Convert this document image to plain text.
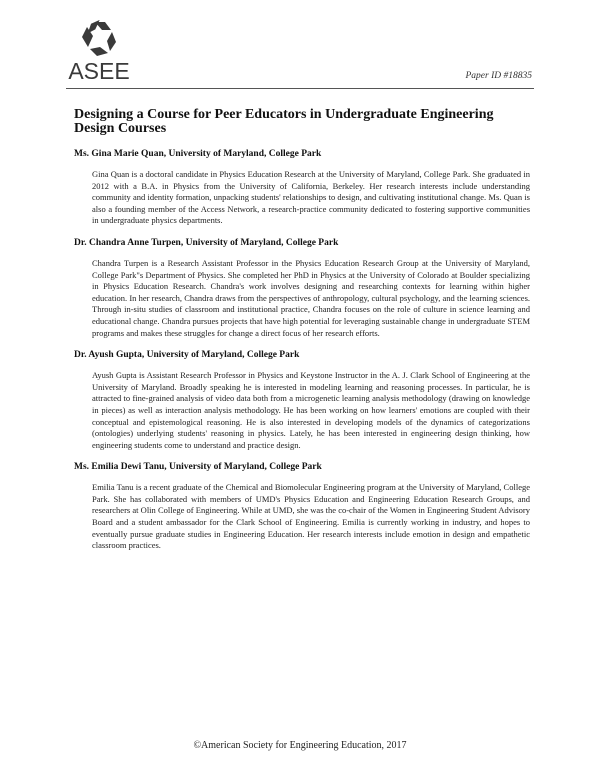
ASEE	Paper ID #18835
Designing a Course for Peer Educators in Undergraduate Engineering Design Courses
Ms. Gina Marie Quan, University of Maryland, College Park
Gina Quan is a doctoral candidate in Physics Education Research at the University of Maryland, College Park. She graduated in 2012 with a B.A. in Physics from the University of California, Berkeley. Her research interests include understanding community and identity formation, unpacking students' relationships to design, and cultivating institutional change. Ms. Quan is also a founding member of the Access Network, a research-practice community dedicated to fostering supportive communities in undergraduate physics departments.
Dr. Chandra Anne Turpen, University of Maryland, College Park
Chandra Turpen is a Research Assistant Professor in the Physics Education Research Group at the University of Maryland, College Park"s Department of Physics. She completed her PhD in Physics at the University of Colorado at Boulder specializing in Physics Education Research. Chandra's work involves designing and researching contexts for learning within higher education. In her research, Chandra draws from the perspectives of anthropology, cultural psychology, and the learning sciences. Through in-situ studies of classroom and institutional practice, Chandra focuses on the role of culture in science learning and educational change. Chandra pursues projects that have high potential for leveraging sustainable change in undergraduate STEM programs and makes these struggles for change a direct focus of her research efforts.
Dr. Ayush Gupta, University of Maryland, College Park
Ayush Gupta is Assistant Research Professor in Physics and Keystone Instructor in the A. J. Clark School of Engineering at the University of Maryland. Broadly speaking he is interested in modeling learning and reasoning processes. In particular, he is attracted to fine-grained analysis of video data both from a microgenetic learning analysis methodology (drawing on knowledge in pieces) as well as interaction analysis methodology. He has been working on how learners' emotions are coupled with their conceptual and epistemological reasoning. He is also interested in developing models of the dynamics of categorizations (ontologies) underlying students' reasoning in physics. Lately, he has been interested in engineering design thinking, how engineering students come to understand and practice design.
Ms. Emilia Dewi Tanu, University of Maryland, College Park
Emilia Tanu is a recent graduate of the Chemical and Biomolecular Engineering program at the University of Maryland, College Park. She has collaborated with members of UMD's Physics Education and Engineering Education Research Groups, and researchers at Olin College of Engineering. While at UMD, she was the co-chair of the Women in Engineering Student Advisory Board and a student ambassador for the Clark School of Engineering. Emilia is currently working in industry, and hopes to eventually pursue graduate studies in Engineering Education. Her research interests include emotion in design and empathetic classroom practices.
©American Society for Engineering Education, 2017
